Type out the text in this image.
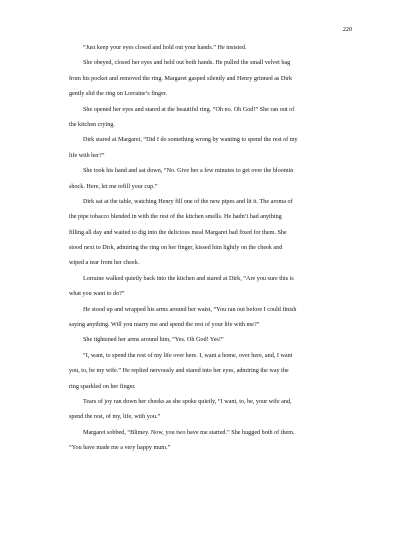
220
“Just keep your eyes closed and hold out your hands.” He insisted.
She obeyed, closed her eyes and held out both hands. He pulled the small velvet bag
from his pocket and removed the ring. Margaret gasped silently and Henry grinned as Dirk
gently slid the ring on Lorraine’s finger.
She opened her eyes and stared at the beautiful ring. “Oh no. Oh God!” She ran out of
the kitchen crying.
Dirk stared at Margaret, “Did I do something wrong by wanting to spend the rest of my
life with her?”
She took his hand and sat down, “No. Give her a few minutes to get over the bloomin
shock. Here, let me refill your cup.”
Dirk sat at the table, watching Henry fill one of the new pipes and lit it. The aroma of
the pipe tobacco blended in with the rest of the kitchen smells. He hadn’t had anything
filling all day and waited to dig into the delicious meal Margaret had fixed for them. She
stood next to Dirk, admiring the ring on her finger, kissed him lightly on the cheek and
wiped a tear from her cheek.
Lorraine walked quietly back into the kitchen and stared at Dirk, “Are you sure this is
what you want to do?”
He stood up and wrapped his arms around her waist, “You ran out before I could finish
saying anything. Will you marry me and spend the rest of your life with me?”
She tightened her arms around him, “Yes. Oh God! Yes!”
“I, want, to spend the rest of my life over here. I, want a home, over here, and, I want
you, to, be my wife.” He replied nervously and stared into her eyes, admiring the way the
ring sparkled on her finger.
Tears of joy ran down her cheeks as she spoke quietly, “I want, to, be, your wife and,
spend the rest, of my, life, with you.”
Margaret sobbed, “Blimey. Now, you two have me started.” She hugged both of them.
“You have made me a very happy mum.”
